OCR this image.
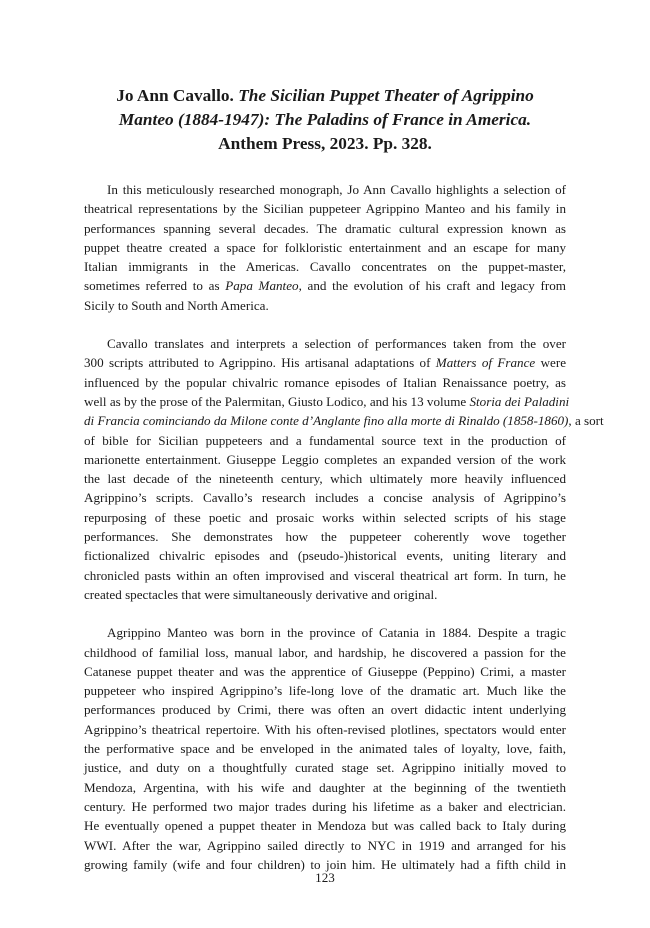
Jo Ann Cavallo. The Sicilian Puppet Theater of Agrippino
Manteo (1884-1947): The Paladins of France in America.
Anthem Press, 2023. Pp. 328.
In this meticulously researched monograph, Jo Ann Cavallo highlights a selection of
theatrical representations by the Sicilian puppeteer Agrippino Manteo and his family in
performances spanning several decades. The dramatic cultural expression known as
puppet theatre created a space for folkloristic entertainment and an escape for many
Italian immigrants in the Americas. Cavallo concentrates on the puppet-master,
sometimes referred to as Papa Manteo, and the evolution of his craft and legacy from
Sicily to South and North America.
Cavallo translates and interprets a selection of performances taken from the over
300 scripts attributed to Agrippino. His artisanal adaptations of Matters of France were
influenced by the popular chivalric romance episodes of Italian Renaissance poetry, as
well as by the prose of the Palermitan, Giusto Lodico, and his 13 volume Storia dei Paladini
di Francia cominciando da Milone conte d’Anglante fino alla morte di Rinaldo (1858-1860), a sort
of bible for Sicilian puppeteers and a fundamental source text in the production of
marionette entertainment. Giuseppe Leggio completes an expanded version of the work
the last decade of the nineteenth century, which ultimately more heavily influenced
Agrippino’s scripts. Cavallo’s research includes a concise analysis of Agrippino’s
repurposing of these poetic and prosaic works within selected scripts of his stage
performances. She demonstrates how the puppeteer coherently wove together
fictionalized chivalric episodes and (pseudo-)historical events, uniting literary and
chronicled pasts within an often improvised and visceral theatrical art form. In turn, he
created spectacles that were simultaneously derivative and original.
Agrippino Manteo was born in the province of Catania in 1884. Despite a tragic
childhood of familial loss, manual labor, and hardship, he discovered a passion for the
Catanese puppet theater and was the apprentice of Giuseppe (Peppino) Crimi, a master
puppeteer who inspired Agrippino’s life-long love of the dramatic art. Much like the
performances produced by Crimi, there was often an overt didactic intent underlying
Agrippino’s theatrical repertoire. With his often-revised plotlines, spectators would enter
the performative space and be enveloped in the animated tales of loyalty, love, faith,
justice, and duty on a thoughtfully curated stage set. Agrippino initially moved to
Mendoza, Argentina, with his wife and daughter at the beginning of the twentieth
century. He performed two major trades during his lifetime as a baker and electrician.
He eventually opened a puppet theater in Mendoza but was called back to Italy during
WWI. After the war, Agrippino sailed directly to NYC in 1919 and arranged for his
growing family (wife and four children) to join him. He ultimately had a fifth child in
123
